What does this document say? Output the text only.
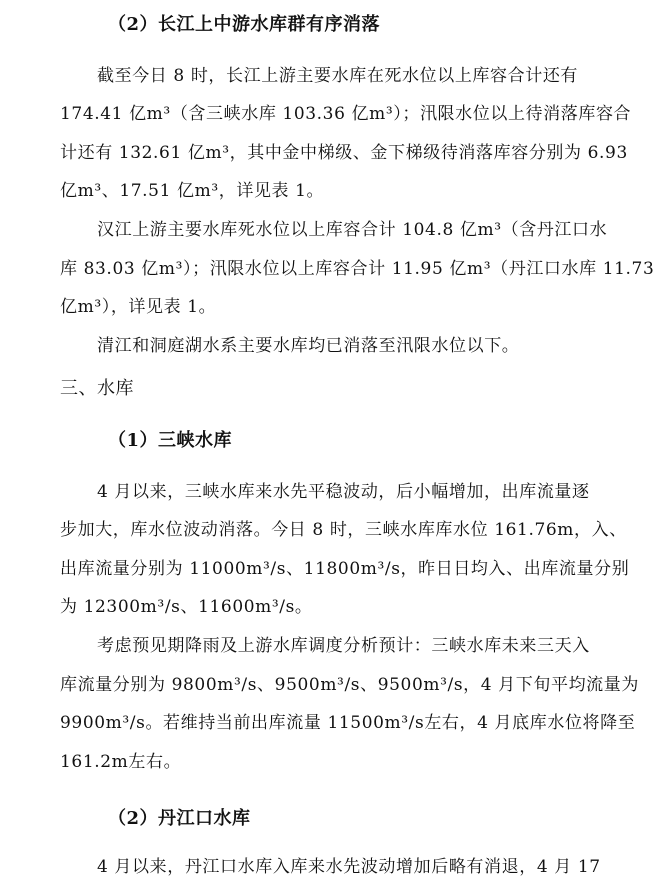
（2）长江上中游水库群有序消落
截至今日 8 时，长江上游主要水库在死水位以上库容合计还有
174.41 亿m³（含三峡水库 103.36 亿m³）；汛限水位以上待消落库容合
计还有 132.61 亿m³，其中金中梯级、金下梯级待消落库容分别为 6.93
亿m³、17.51 亿m³，详见表 1。
汉江上游主要水库死水位以上库容合计 104.8 亿m³（含丹江口水
库 83.03 亿m³）；汛限水位以上库容合计 11.95 亿m³（丹江口水库 11.73
亿m³），详见表 1。
清江和洞庭湖水系主要水库均已消落至汛限水位以下。
三、水库
（1）三峡水库
4 月以来，三峡水库来水先平稳波动，后小幅增加，出库流量逐
步加大，库水位波动消落。今日 8 时，三峡水库库水位 161.76m，入、
出库流量分别为 11000m³/s、11800m³/s，昨日日均入、出库流量分别
为 12300m³/s、11600m³/s。
考虑预见期降雨及上游水库调度分析预计：三峡水库未来三天入
库流量分别为 9800m³/s、9500m³/s、9500m³/s，4 月下旬平均流量为
9900m³/s。若维持当前出库流量 11500m³/s左右，4 月底库水位将降至
161.2m左右。
（2）丹江口水库
4 月以来，丹江口水库入库来水先波动增加后略有消退，4 月 17
